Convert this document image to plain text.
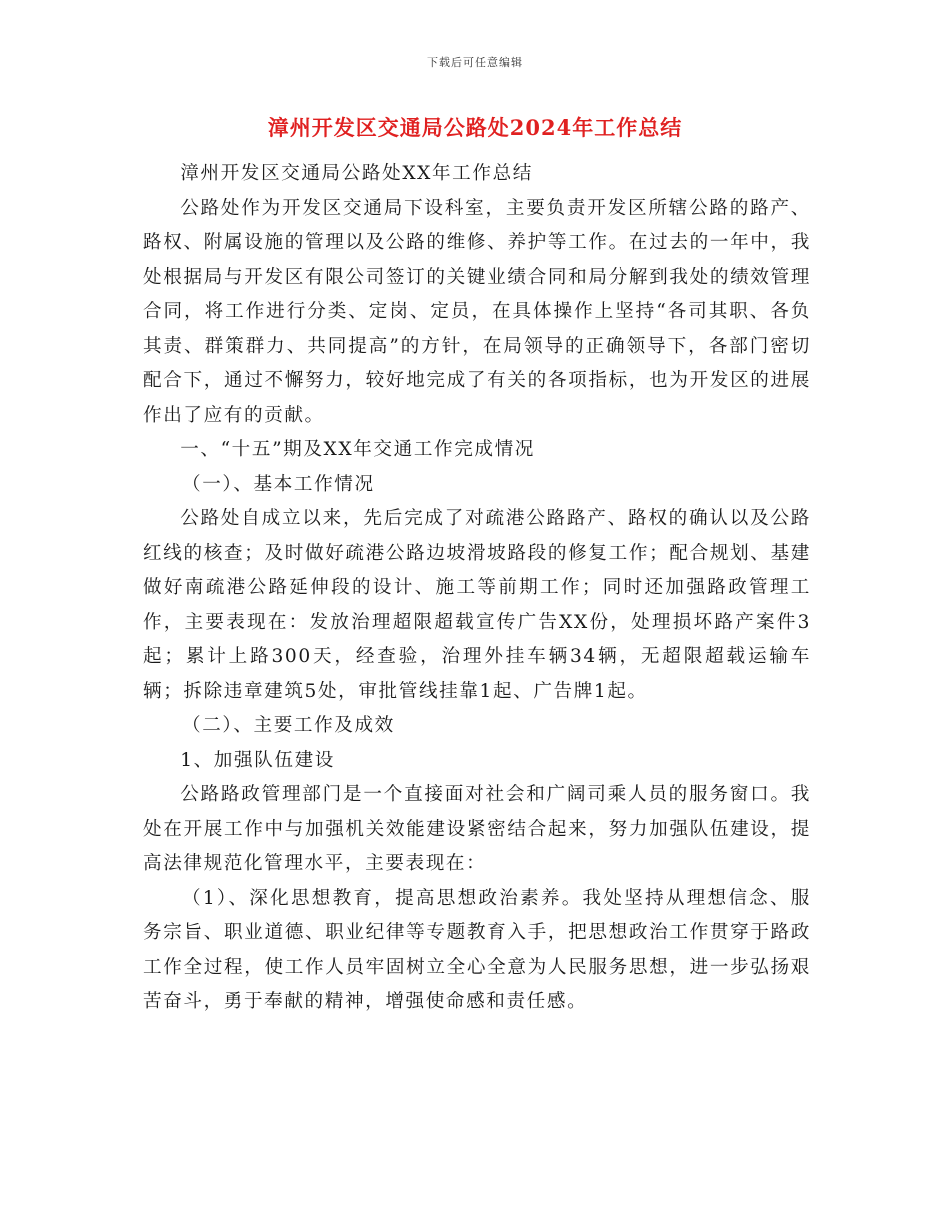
下载后可任意编辑
漳州开发区交通局公路处2024年工作总结

漳州开发区交通局公路处XX年工作总结

公路处作为开发区交通局下设科室，主要负责开发区所辖公路的路产、路权、附属设施的管理以及公路的维修、养护等工作。在过去的一年中，我处根据局与开发区有限公司签订的关键业绩合同和局分解到我处的绩效管理合同，将工作进行分类、定岗、定员，在具体操作上坚持“各司其职、各负其责、群策群力、共同提高”的方针，在局领导的正确领导下，各部门密切配合下，通过不懈努力，较好地完成了有关的各项指标，也为开发区的进展作出了应有的贡献。

一、“十五”期及XX年交通工作完成情况

（一）、基本工作情况

公路处自成立以来，先后完成了对疏港公路路产、路权的确认以及公路红线的核查；及时做好疏港公路边坡滑坡路段的修复工作；配合规划、基建做好南疏港公路延伸段的设计、施工等前期工作；同时还加强路政管理工作，主要表现在：发放治理超限超载宣传广告XX份，处理损坏路产案件3起；累计上路300天，经查验，治理外挂车辆34辆，无超限超载运输车辆；拆除违章建筑5处，审批管线挂靠1起、广告牌1起。

（二）、主要工作及成效

1、加强队伍建设

公路路政管理部门是一个直接面对社会和广阔司乘人员的服务窗口。我处在开展工作中与加强机关效能建设紧密结合起来，努力加强队伍建设，提高法律规范化管理水平，主要表现在：

（1）、深化思想教育，提高思想政治素养。我处坚持从理想信念、服务宗旨、职业道德、职业纪律等专题教育入手，把思想政治工作贯穿于路政工作全过程，使工作人员牢固树立全心全意为人民服务思想，进一步弘扬艰苦奋斗，勇于奉献的精神，增强使命感和责任感。
